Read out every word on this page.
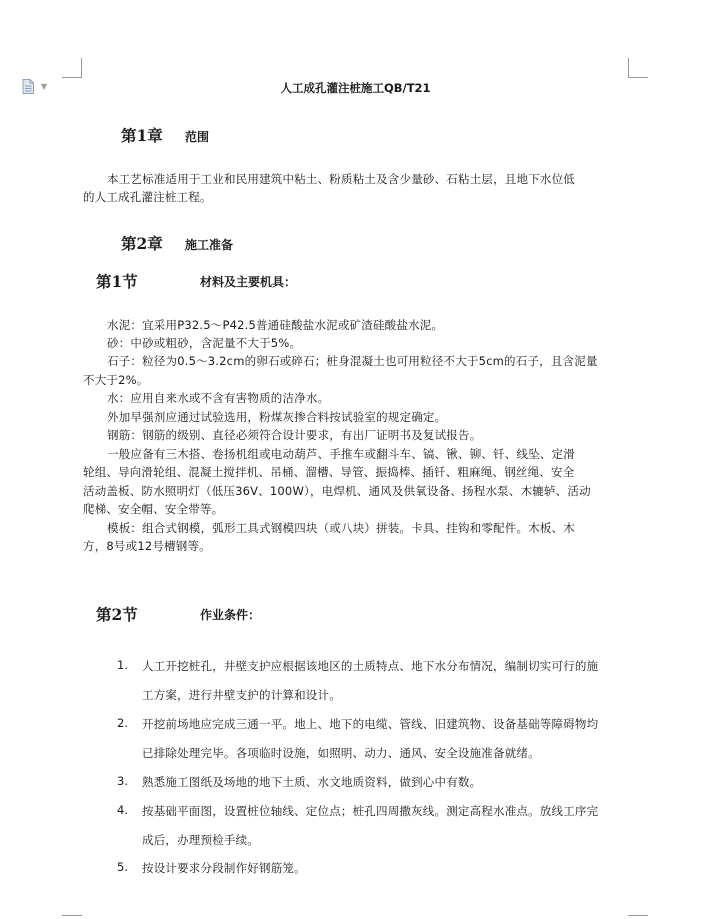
▼	人工成孔灌注桩施工QB/T21
第1章 范围
本工艺标准适用于工业和民用建筑中粘土、粉质粘土及含少量砂、石粘土层，且地下水位低
的人工成孔灌注桩工程。
第2章 施工准备
第1节	材料及主要机具：
水泥：宜采用P32.5～P42.5普通硅酸盐水泥或矿渣硅酸盐水泥。
砂：中砂或粗砂，含泥量不大于5%。
石子：粒径为0.5～3.2cm的卵石或碎石；桩身混凝土也可用粒径不大于5cm的石子，且含泥量
不大于2%。
水：应用自来水或不含有害物质的洁净水。
外加早强剂应通过试验选用，粉煤灰掺合料按试验室的规定确定。
钢筋：钢筋的级别、直径必须符合设计要求，有出厂证明书及复试报告。
一般应备有三木搭、卷扬机组或电动葫芦、手推车或翻斗车、镐、锹、铆、钎、线坠、定滑
轮组、导向滑轮组、混凝土搅拌机、吊桶、溜槽、导管、振捣棒、插钎、粗麻绳、钢丝绳、安全
活动盖板、防水照明灯（低压36V、100W），电焊机、通风及供氧设备、扬程水泵、木辘轳、活动
爬梯、安全帽、安全带等。
模板：组合式钢模，弧形工具式钢模四块（或八块）拼装。卡具、挂钩和零配件。木板、木
方，8号或12号槽钢等。
第2节	作业条件：
1. 人工开挖桩孔，井壁支护应根据该地区的土质特点、地下水分布情况，编制切实可行的施
工方案，进行井壁支护的计算和设计。
2. 开挖前场地应完成三通一平。地上、地下的电缆、管线、旧建筑物、设备基础等障碍物均
已排除处理完毕。各项临时设施，如照明、动力、通风、安全设施准备就绪。
3. 熟悉施工图纸及场地的地下土质、水文地质资料，做到心中有数。
4. 按基础平面图，设置桩位轴线、定位点；桩孔四周撒灰线。测定高程水准点。放线工序完
成后，办理预检手续。
5. 按设计要求分段制作好钢筋笼。
